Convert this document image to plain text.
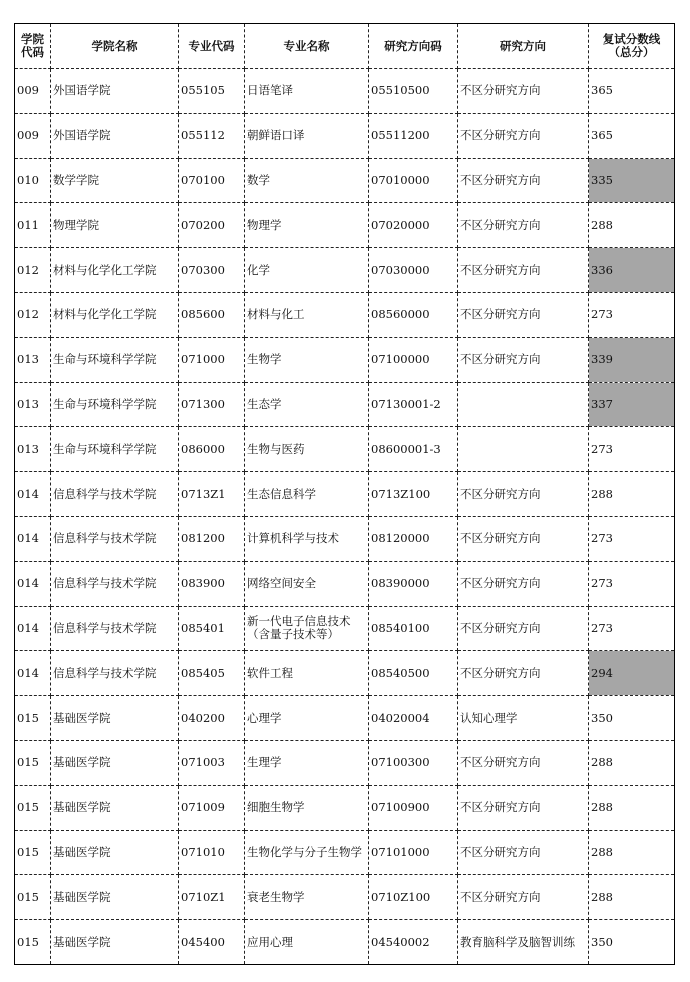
学院
代码	学院名称	专业代码	专业名称	研究方向码	研究方向	复试分数线
（总分）

009	外国语学院	055105	日语笔译	05510500	不区分研究方向	365
009	外国语学院	055112	朝鲜语口译	05511200	不区分研究方向	365
010	数学学院	070100	数学	07010000	不区分研究方向	335
011	物理学院	070200	物理学	07020000	不区分研究方向	288
012	材料与化学化工学院	070300	化学	07030000	不区分研究方向	336
012	材料与化学化工学院	085600	材料与化工	08560000	不区分研究方向	273
013	生命与环境科学学院	071000	生物学	07100000	不区分研究方向	339
013	生命与环境科学学院	071300	生态学	07130001-2		337
013	生命与环境科学学院	086000	生物与医药	08600001-3		273
014	信息科学与技术学院	0713Z1	生态信息科学	0713Z100	不区分研究方向	288
014	信息科学与技术学院	081200	计算机科学与技术	08120000	不区分研究方向	273
014	信息科学与技术学院	083900	网络空间安全	08390000	不区分研究方向	273
014	信息科学与技术学院	085401	新一代电子信息技术（含量子技术等）	08540100	不区分研究方向	273
014	信息科学与技术学院	085405	软件工程	08540500	不区分研究方向	294
015	基础医学院	040200	心理学	04020004	认知心理学	350
015	基础医学院	071003	生理学	07100300	不区分研究方向	288
015	基础医学院	071009	细胞生物学	07100900	不区分研究方向	288
015	基础医学院	071010	生物化学与分子生物学	07101000	不区分研究方向	288
015	基础医学院	0710Z1	衰老生物学	0710Z100	不区分研究方向	288
015	基础医学院	045400	应用心理	04540002	教育脑科学及脑智训练	350
